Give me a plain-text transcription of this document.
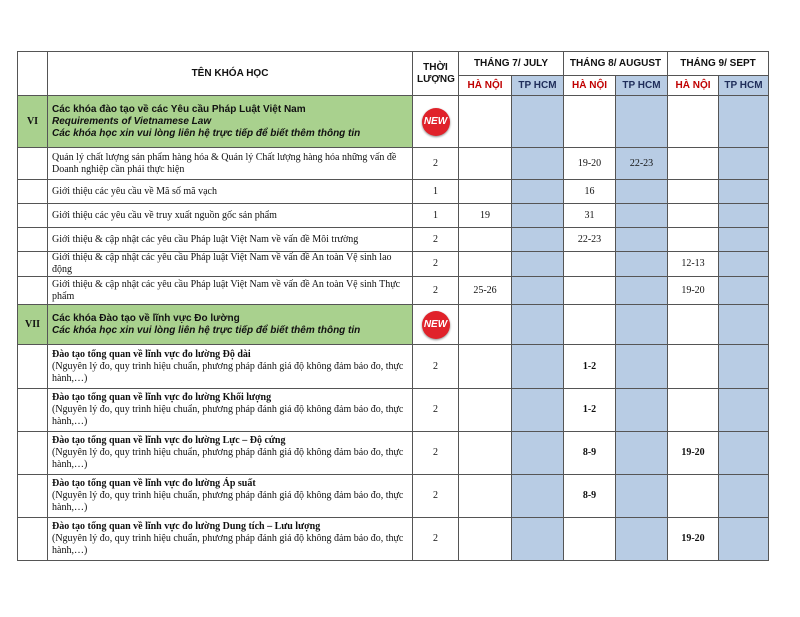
	TÊN KHÓA HỌC	THỜI
LƯỢNG	THÁNG 7/ JULY		THÁNG 8/ AUGUST		THÁNG 9/ SEPT	
			HÀ NỘI	TP HCM	HÀ NỘI	TP HCM	HÀ NỘI	TP HCM
VI	Các khóa đào tạo về các Yêu cầu Pháp Luật Việt Nam
Requirements of Vietnamese Law
Các khóa học xin vui lòng liên hệ trực tiếp để biết thêm thông tin	NEW						

	Quản lý chất lượng sản phẩm hàng hóa & Quản lý Chất lượng hàng hóa những vấn đề Doanh nghiệp cần phải thực hiện	2			19-20	22-23		
	Giới thiệu các yêu cầu về Mã số mã vạch	1			16			
	Giới thiệu các yêu cầu về truy xuất nguồn gốc sản phẩm	1	19		31			
	Giới thiệu & cập nhật các yêu cầu Pháp luật Việt Nam về vấn đề Môi trường	2			22-23			
	Giới thiệu & cập nhật các yêu cầu Pháp luật Việt Nam về vấn đề An toàn Vệ sinh lao động	2					12-13	
	Giới thiệu & cập nhật các yêu cầu Pháp luật Việt Nam về vấn đề An toàn Vệ sinh Thực phẩm	2	25-26				19-20	
VII	Các khóa Đào tạo về lĩnh vực Đo lường
Các khóa học xin vui lòng liên hệ trực tiếp để biết thêm thông tin	NEW						

	Đào tạo tổng quan về lĩnh vực đo lường Độ dài
(Nguyên lý đo, quy trình hiệu chuẩn, phương pháp đánh giá độ không đảm bảo đo, thực hành,…)	2			1-2			

	Đào tạo tổng quan về lĩnh vực đo lường Khối lượng
(Nguyên lý đo, quy trình hiệu chuẩn, phương pháp đánh giá độ không đảm bảo đo, thực hành,…)	2			1-2			

	Đào tạo tổng quan về lĩnh vực đo lường Lực – Độ cứng
(Nguyên lý đo, quy trình hiệu chuẩn, phương pháp đánh giá độ không đảm bảo đo, thực hành,…)	2			8-9		19-20	

	Đào tạo tổng quan về lĩnh vực đo lường Áp suất
(Nguyên lý đo, quy trình hiệu chuẩn, phương pháp đánh giá độ không đảm bảo đo, thực hành,…)	2			8-9			

	Đào tạo tổng quan về lĩnh vực đo lường Dung tích – Lưu lượng
(Nguyên lý đo, quy trình hiệu chuẩn, phương pháp đánh giá độ không đảm bảo đo, thực hành,…)	2					19-20	
